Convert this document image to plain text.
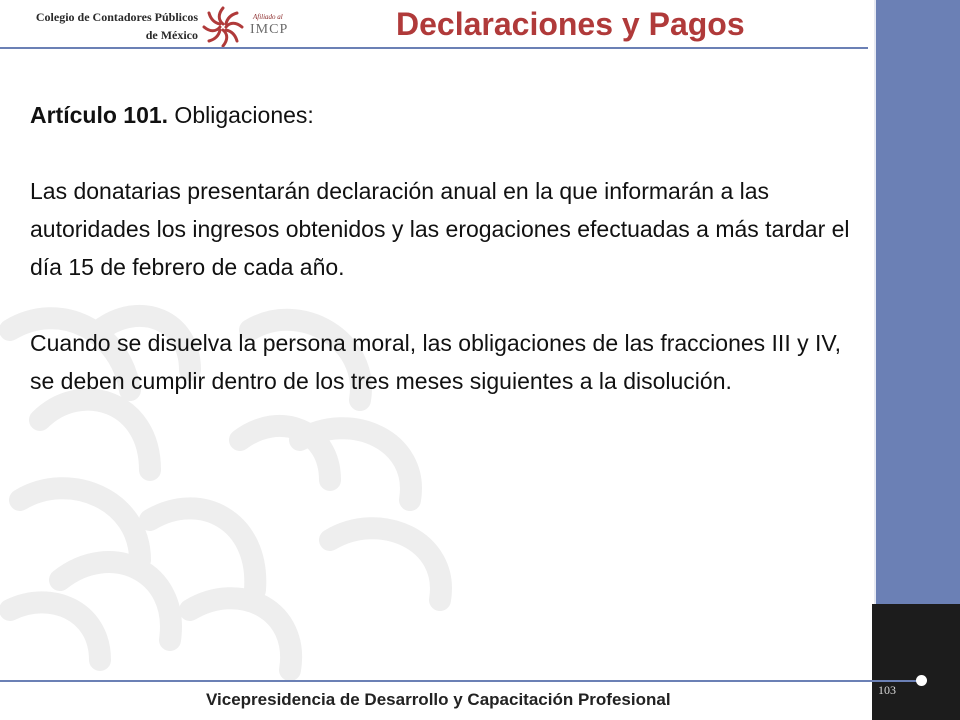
Colegio de Contadores Públicos
de México
Afiliado al
IMCP	Declaraciones y Pagos

Artículo 101. Obligaciones:

Las donatarias presentarán declaración anual en la que informarán a las autoridades los ingresos obtenidos y las erogaciones efectuadas a más tardar el día 15 de febrero de cada año.

Cuando se disuelva la persona moral, las obligaciones de las fracciones III y IV, se deben cumplir dentro de los tres meses siguientes a la disolución.

103
Vicepresidencia de Desarrollo y Capacitación Profesional
